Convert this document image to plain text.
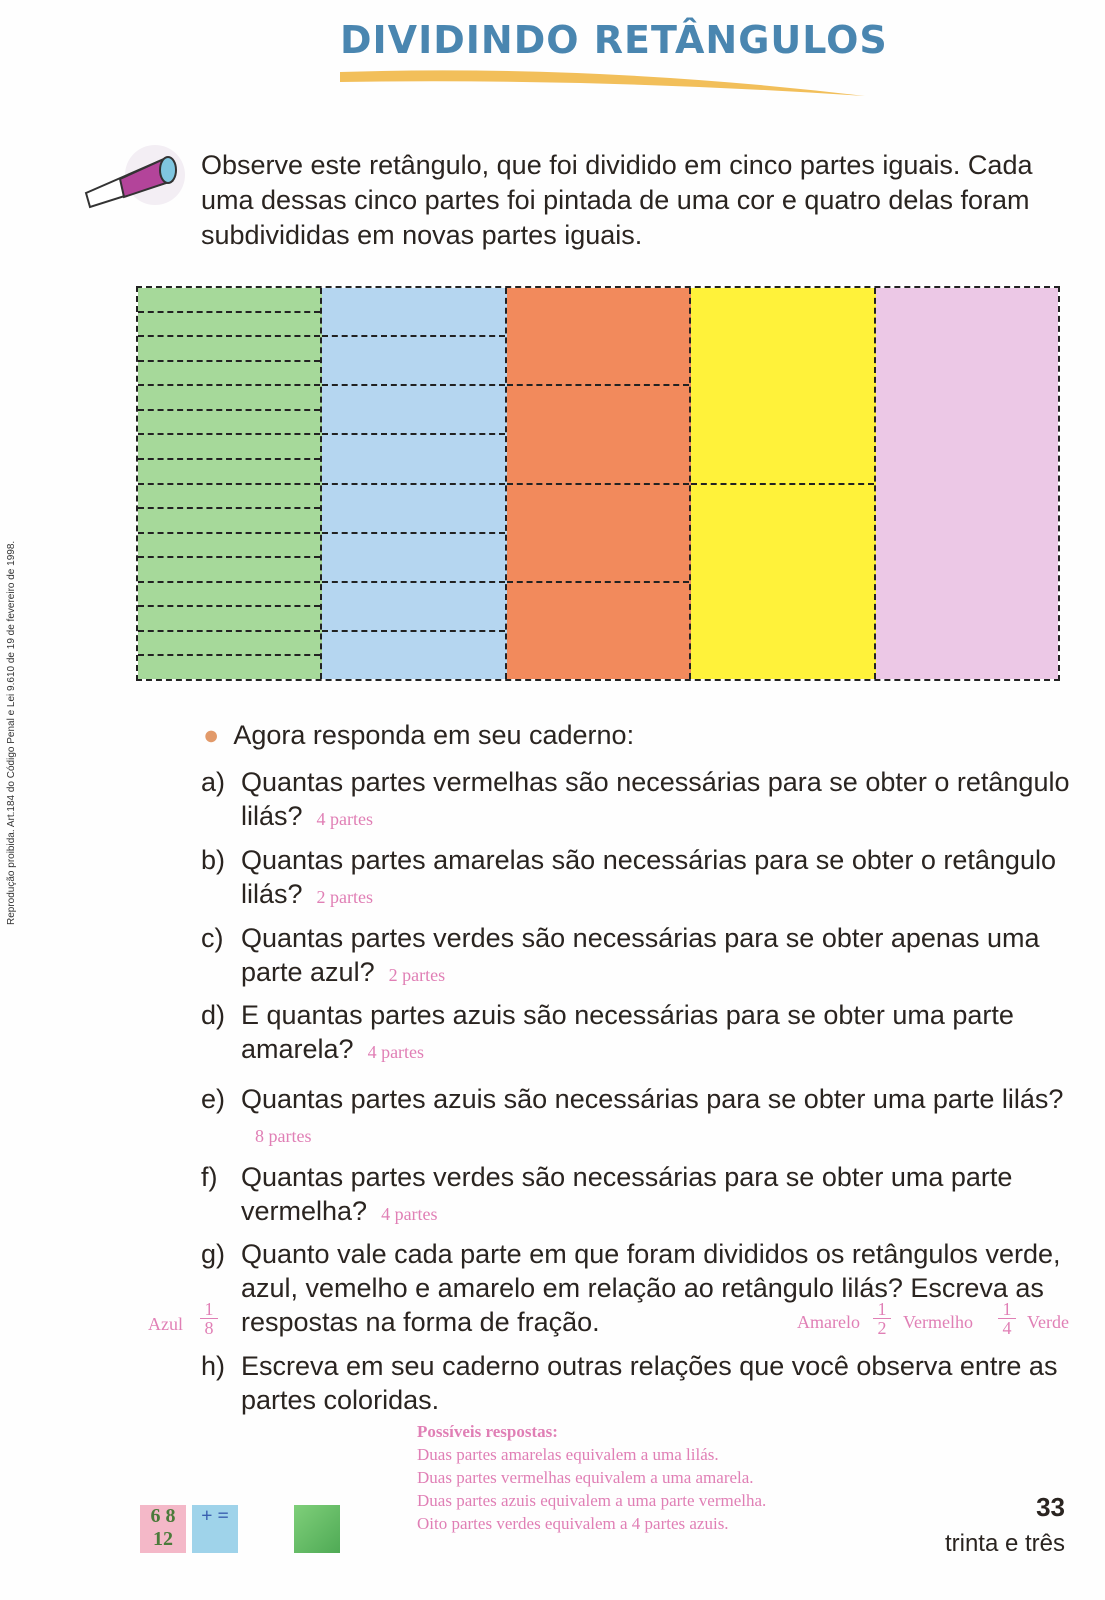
DIVIDINDO RETÂNGULOS
Reprodução proibida. Art.184 do Código Penal e Lei 9.610 de 19 de fevereiro de 1998.
Observe este retângulo, que foi dividido em cinco partes iguais. Cada uma dessas cinco partes foi pintada de uma cor e quatro delas foram subdivididas em novas partes iguais.
● Agora responda em seu caderno:
a) Quantas partes vermelhas são necessárias para se obter o retângulo lilás? 4 partes
b) Quantas partes amarelas são necessárias para se obter o retângulo lilás? 2 partes
c) Quantas partes verdes são necessárias para se obter apenas uma parte azul? 2 partes
d) E quantas partes azuis são necessárias para se obter uma parte amarela? 4 partes
e) Quantas partes azuis são necessárias para se obter uma parte lilás?8 partes
f) Quantas partes verdes são necessárias para se obter uma parte vermelha? 4 partes
g) Quanto vale cada parte em que foram divididos os retângulos verde, azul, vemelho e amarelo em relação ao retângulo lilás? Escreva as respostas na forma de fração.
h) Escreva em seu caderno outras relações que você observa entre as partes coloridas.
Azul
1
8	Amarelo
1
2 Vermelho
1
4 Verde
Possíveis respostas:
Duas partes amarelas equivalem a uma lilás.
Duas partes vermelhas equivalem a uma amarela.
Duas partes azuis equivalem a uma parte vermelha.
Oito partes verdes equivalem a 4 partes azuis.
6 8 12
+ =	33
trinta e três
